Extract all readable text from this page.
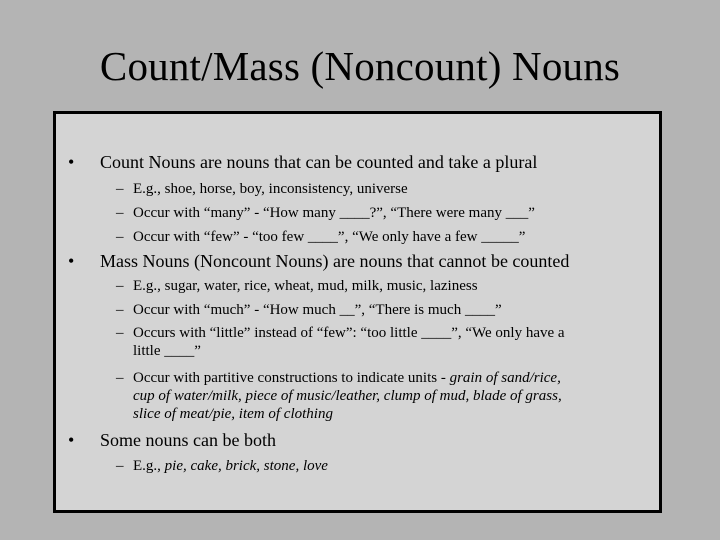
Count/Mass (Noncount) Nouns
• Count Nouns are nouns that can be counted and take a plural
– E.g., shoe, horse, boy, inconsistency, universe
– Occur with “many” - “How many ____?”, “There were many ___”
– Occur with “few” - “too few ____”, “We only have a few _____”
• Mass Nouns (Noncount Nouns) are nouns that cannot be counted
– E.g., sugar, water, rice, wheat, mud, milk, music, laziness
– Occur with “much” - “How much __”, “There is much ____”
– Occurs with “little” instead of “few”: “too little ____”, “We only have a
little ____”
– Occur with partitive constructions to indicate units - grain of sand/rice,
cup of water/milk, piece of music/leather, clump of mud, blade of grass,
slice of meat/pie, item of clothing
• Some nouns can be both
– E.g., pie, cake, brick, stone, love
